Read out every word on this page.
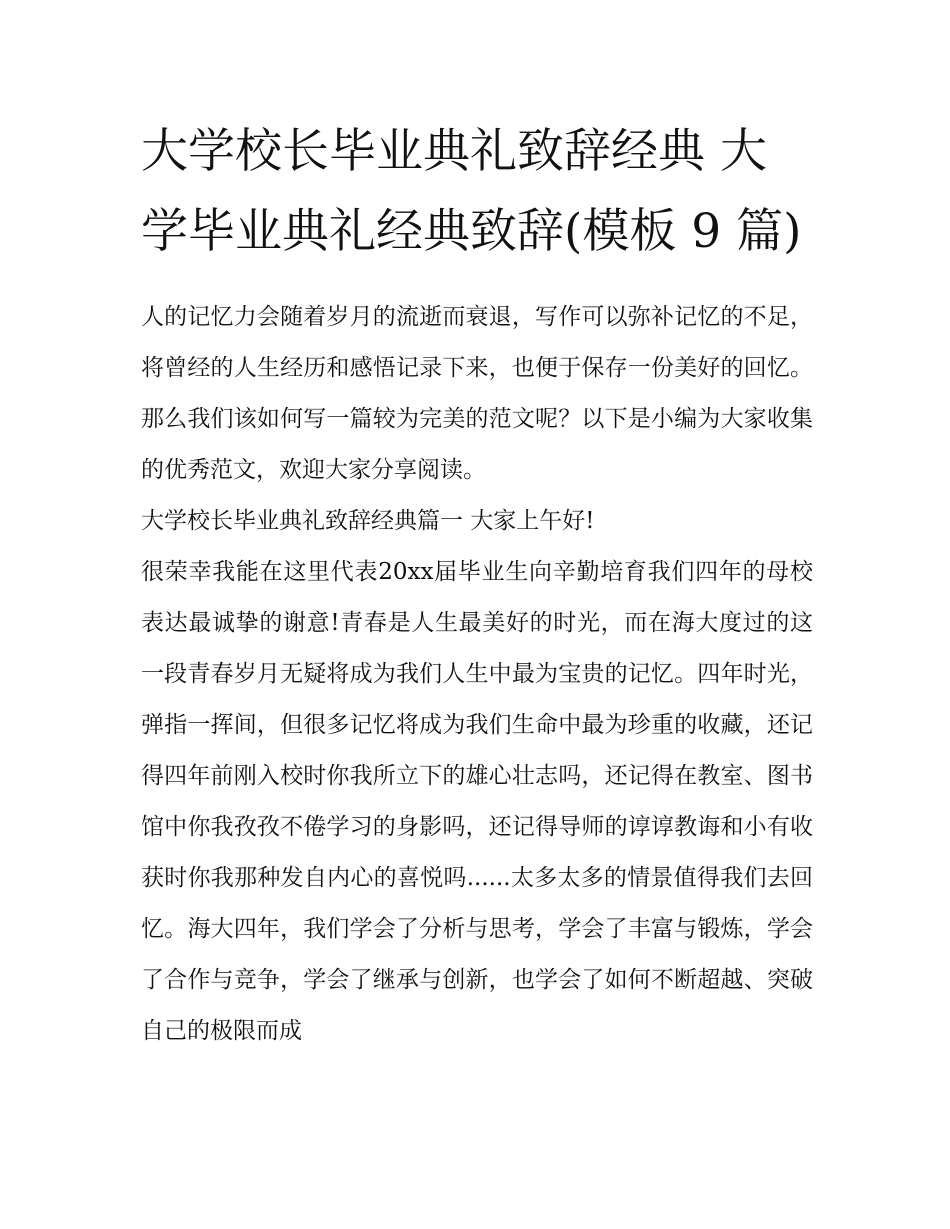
大学校长毕业典礼致辞经典 大学毕业典礼经典致辞(模板 9 篇)

人的记忆力会随着岁月的流逝而衰退，写作可以弥补记忆的不足，将曾经的人生经历和感悟记录下来，也便于保存一份美好的回忆。那么我们该如何写一篇较为完美的范文呢？以下是小编为大家收集的优秀范文，欢迎大家分享阅读。

大学校长毕业典礼致辞经典篇一 大家上午好!

很荣幸我能在这里代表20xx届毕业生向辛勤培育我们四年的母校表达最诚挚的谢意!青春是人生最美好的时光，而在海大度过的这一段青春岁月无疑将成为我们人生中最为宝贵的记忆。四年时光，弹指一挥间，但很多记忆将成为我们生命中最为珍重的收藏，还记得四年前刚入校时你我所立下的雄心壮志吗，还记得在教室、图书馆中你我孜孜不倦学习的身影吗，还记得导师的谆谆教诲和小有收获时你我那种发自内心的喜悦吗......太多太多的情景值得我们去回忆。海大四年，我们学会了分析与思考，学会了丰富与锻炼，学会了合作与竞争，学会了继承与创新，也学会了如何不断超越、突破自己的极限而成
